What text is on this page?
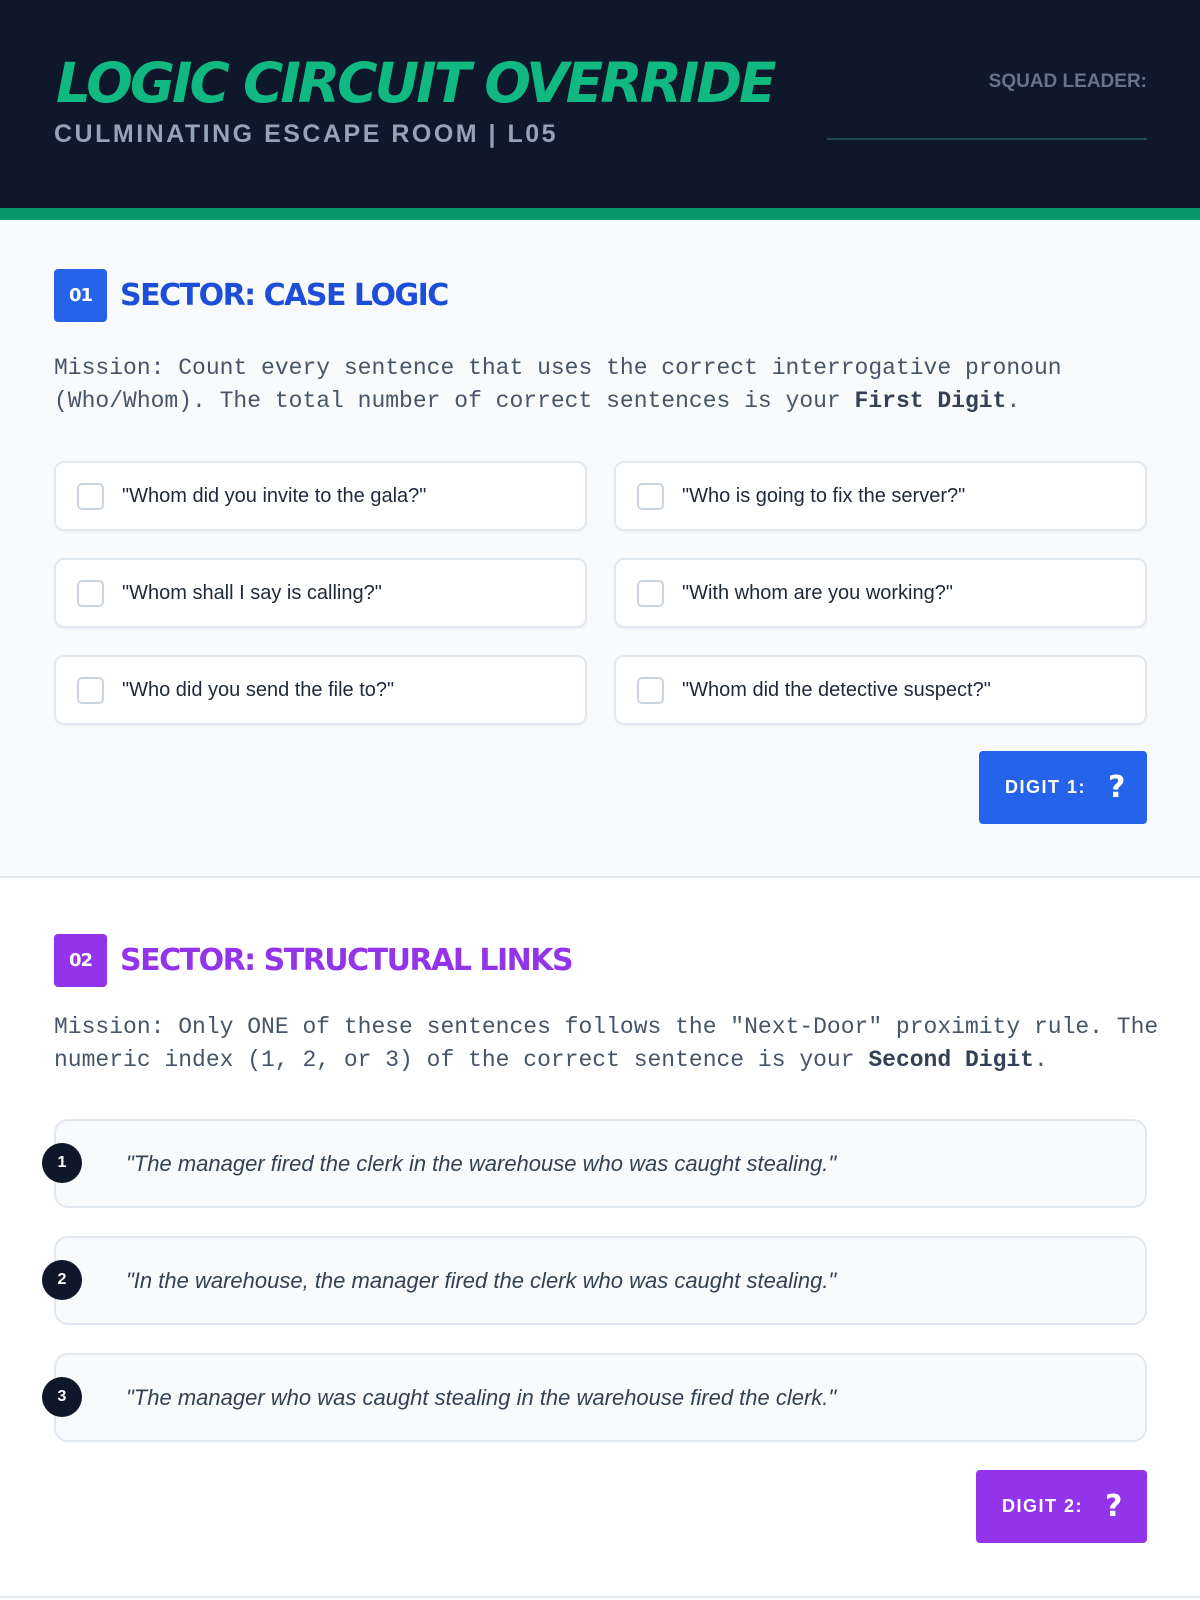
LOGIC CIRCUIT OVERRIDE
CULMINATING ESCAPE ROOM | L05
SQUAD LEADER:
01 SECTOR: CASE LOGIC
Mission: Count every sentence that uses the correct interrogative pronoun (Who/Whom). The total number of correct sentences is your First Digit.
"Whom did you invite to the gala?"	"Who is going to fix the server?"
"Whom shall I say is calling?"	"With whom are you working?"
"Who did you send the file to?"	"Whom did the detective suspect?"
DIGIT 1: ?
02 SECTOR: STRUCTURAL LINKS
Mission: Only ONE of these sentences follows the "Next-Door" proximity rule. The numeric index (1, 2, or 3) of the correct sentence is your Second Digit.
"The manager fired the clerk in the warehouse who was caught stealing."
1
"In the warehouse, the manager fired the clerk who was caught stealing."
2
"The manager who was caught stealing in the warehouse fired the clerk."
3
DIGIT 2: ?
